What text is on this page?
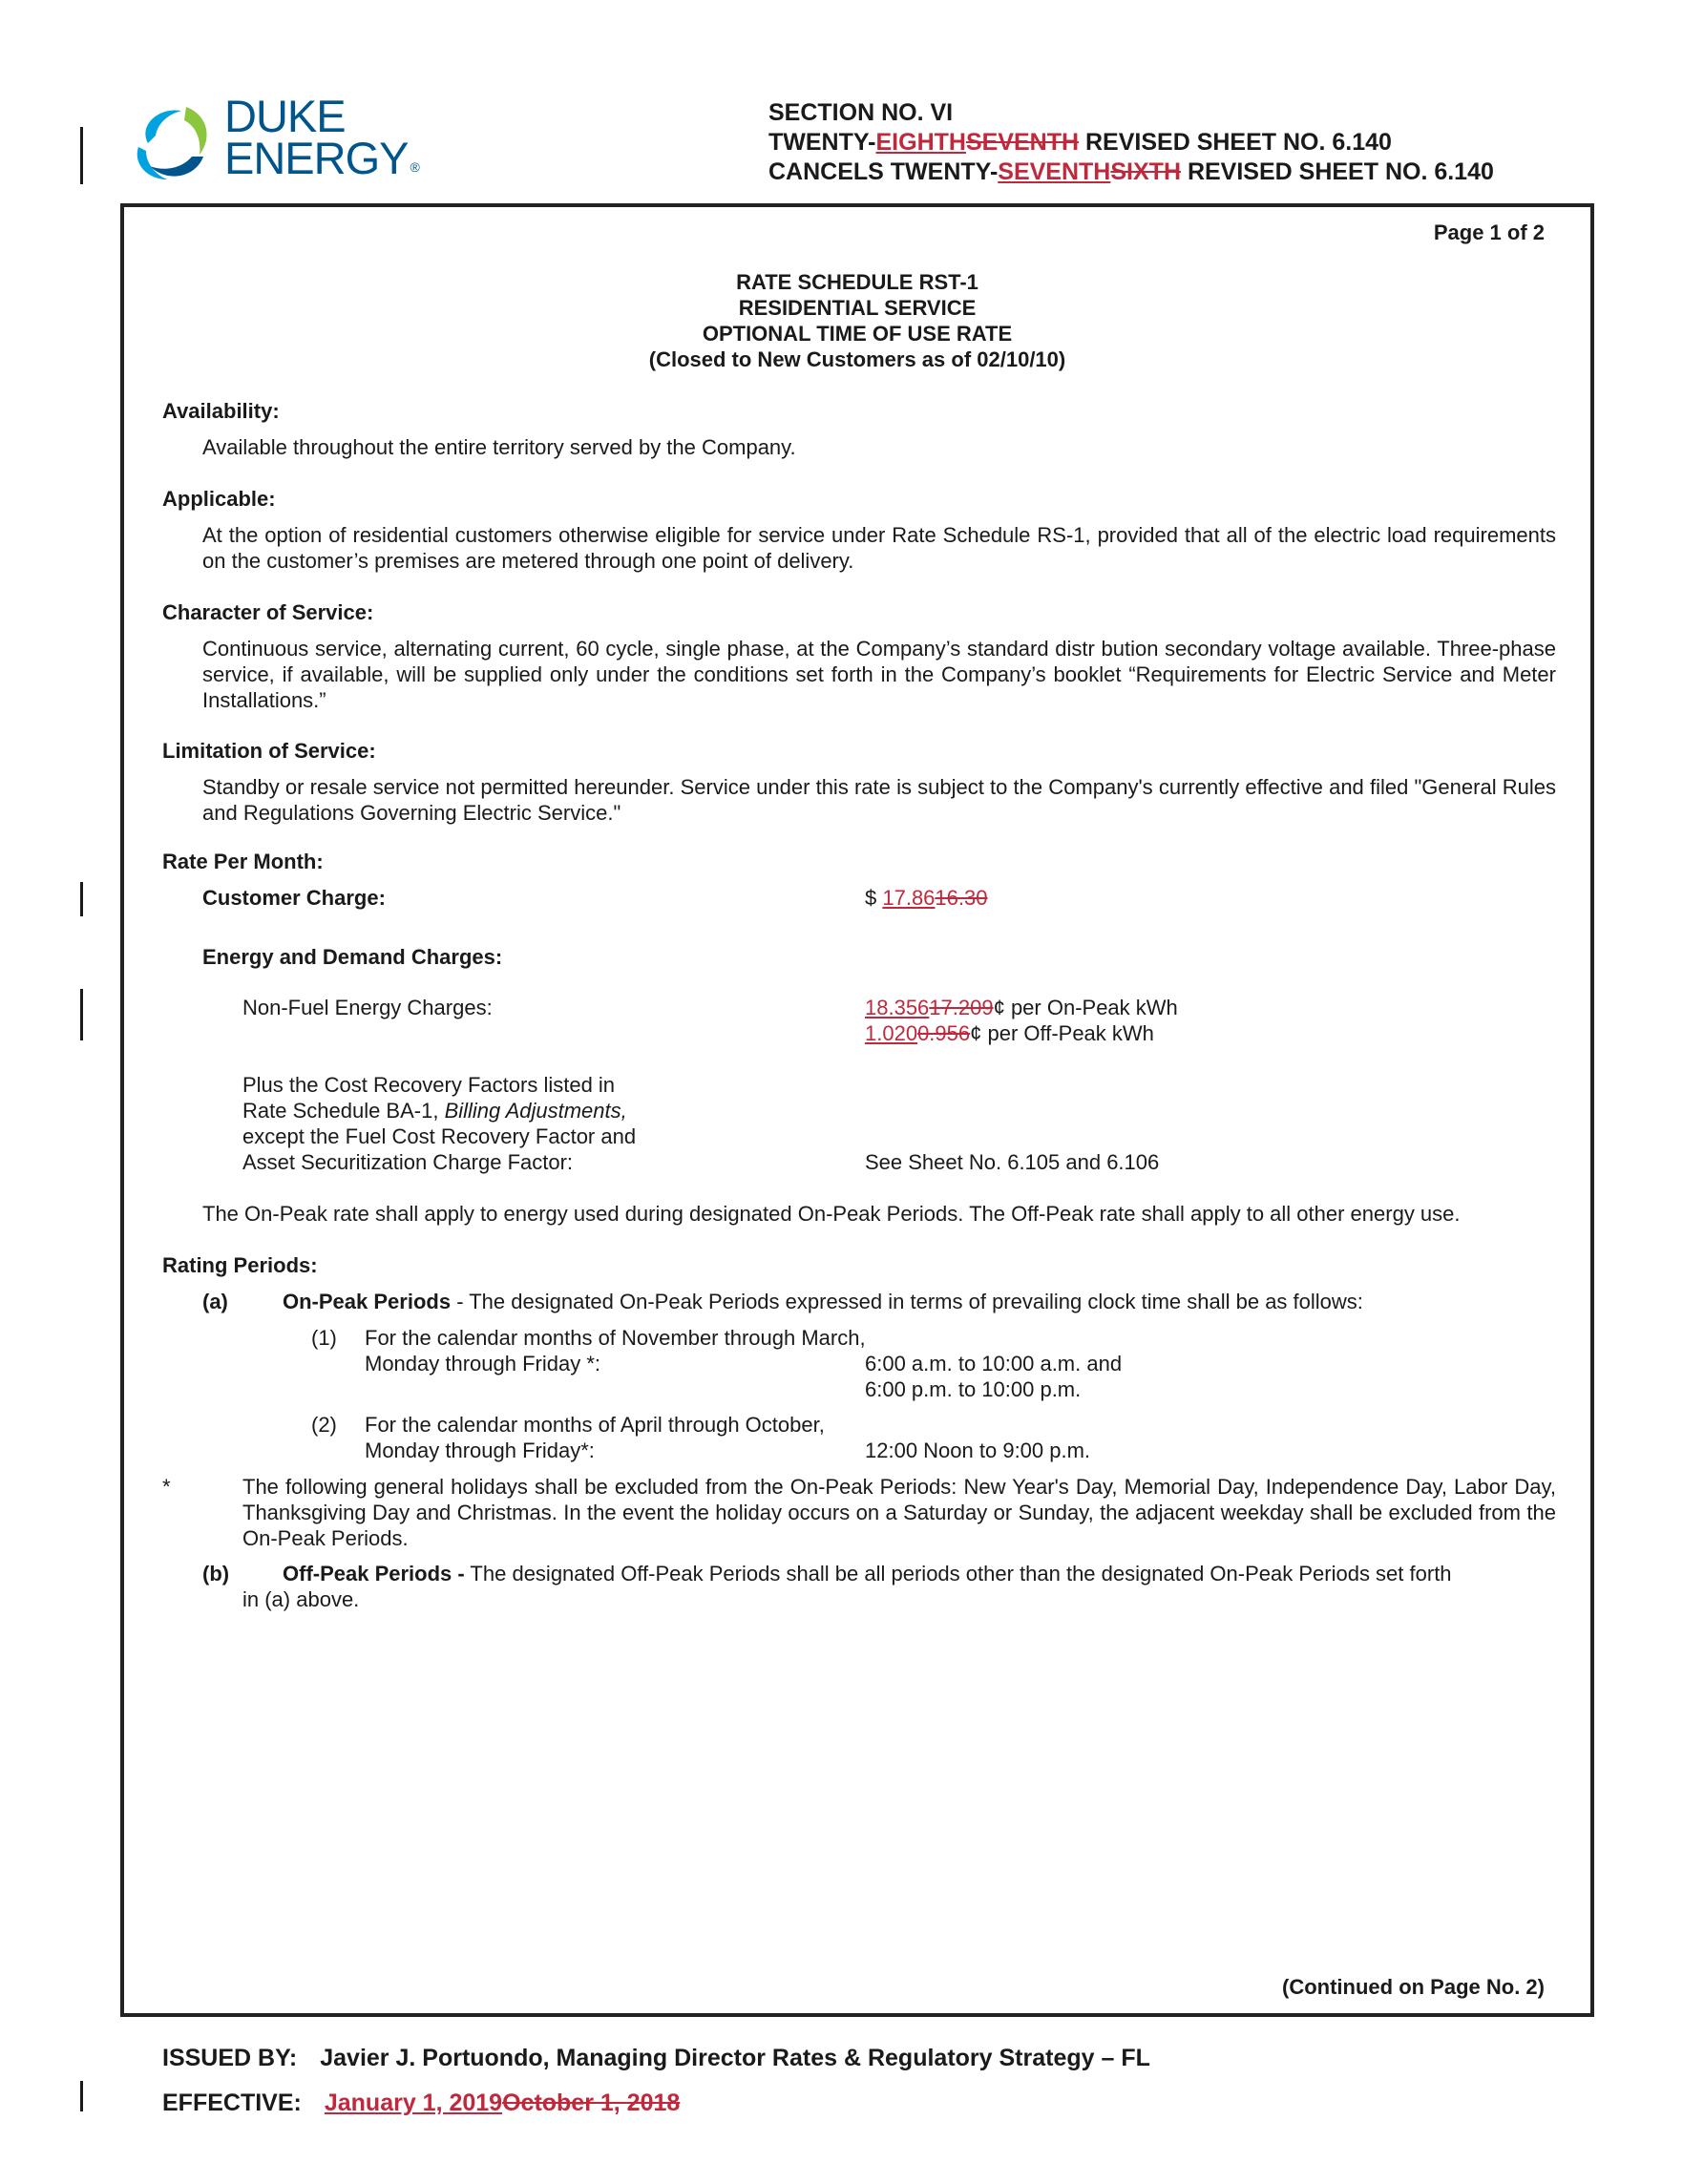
DUKE
ENERGY ®
SECTION NO. VI
TWENTY-EIGHTHSEVENTH REVISED SHEET NO. 6.140
CANCELS TWENTY-SEVENTHSIXTH REVISED SHEET NO. 6.140
Page 1 of 2
RATE SCHEDULE RST-1
RESIDENTIAL SERVICE
OPTIONAL TIME OF USE RATE
(Closed to New Customers as of 02/10/10)
Availability:
Available throughout the entire territory served by the Company.
Applicable:
At the option of residential customers otherwise eligible for service under Rate Schedule RS-1, provided that all of the electric load requirements on the customer’s premises are metered through one point of delivery.
Character of Service:
Continuous service, alternating current, 60 cycle, single phase, at the Company’s standard distr bution secondary voltage available. Three-phase service, if available, will be supplied only under the conditions set forth in the Company’s booklet “Requirements for Electric Service and Meter Installations.”
Limitation of Service:
Standby or resale service not permitted hereunder. Service under this rate is subject to the Company's currently effective and filed "General Rules and Regulations Governing Electric Service."
Rate Per Month:
Customer Charge:	$ 17.8616.30
Energy and Demand Charges:
Non-Fuel Energy Charges:	18.35617.209¢ per On-Peak kWh
1.0200.956¢ per Off-Peak kWh
Plus the Cost Recovery Factors listed in
Rate Schedule BA-1, Billing Adjustments,
except the Fuel Cost Recovery Factor and
Asset Securitization Charge Factor:	See Sheet No. 6.105 and 6.106
The On-Peak rate shall apply to energy used during designated On-Peak Periods. The Off-Peak rate shall apply to all other energy use.
Rating Periods:
(a)	On-Peak Periods - The designated On-Peak Periods expressed in terms of prevailing clock time shall be as follows:
(1) For the calendar months of November through March,
Monday through Friday *:	6:00 a.m. to 10:00 a.m. and
6:00 p.m. to 10:00 p.m.
(2) For the calendar months of April through October,
Monday through Friday*:	12:00 Noon to 9:00 p.m.
*	The following general holidays shall be excluded from the On-Peak Periods: New Year's Day, Memorial Day, Independence Day, Labor Day, Thanksgiving Day and Christmas. In the event the holiday occurs on a Saturday or Sunday, the adjacent weekday shall be excluded from the On-Peak Periods.
(b)	Off-Peak Periods - The designated Off-Peak Periods shall be all periods other than the designated On-Peak Periods set forth
in (a) above.
(Continued on Page No. 2)
ISSUED BY: Javier J. Portuondo, Managing Director Rates & Regulatory Strategy – FL
EFFECTIVE: January 1, 2019October 1, 2018
